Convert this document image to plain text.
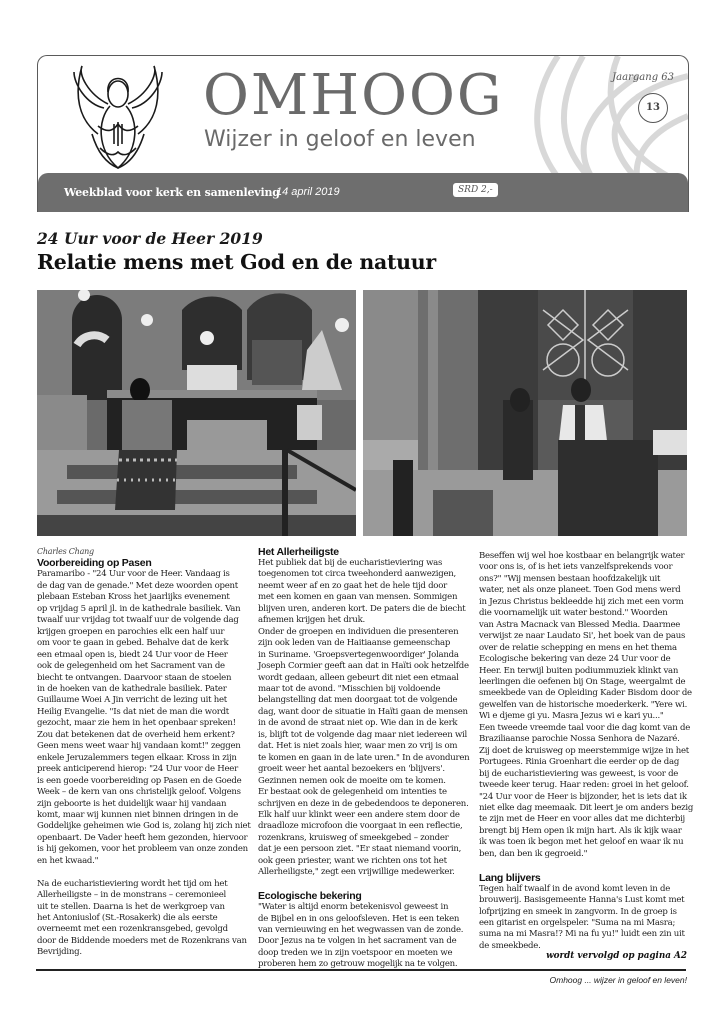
OMHOOG
Wijzer in geloof en leven
Jaargang 63
13
Weekblad voor kerk en samenleving
14 april 2019	SRD 2,-
24 Uur voor de Heer 2019
Relatie mens met God en de natuur

Charles Chang

Voorbereiding op Pasen

Paramaribo - "24 Uur voor de Heer. Vandaag is

de dag van de genade." Met deze woorden opent

plebaan Esteban Kross het jaarlijks evenement

op vrijdag 5 april jl. in de kathedrale basiliek. Van

twaalf uur vrijdag tot twaalf uur de volgende dag

krijgen groepen en parochies elk een half uur

om voor te gaan in gebed. Behalve dat de kerk

een etmaal open is, biedt 24 Uur voor de Heer

ook de gelegenheid om het Sacrament van de

biecht te ontvangen. Daarvoor staan de stoelen

in de hoeken van de kathedrale basiliek. Pater

Guillaume Woei A Jin verricht de lezing uit het

Heilig Evangelie. "Is dat niet de man die wordt

gezocht, maar zie hem in het openbaar spreken!

Zou dat betekenen dat de overheid hem erkent?

Geen mens weet waar hij vandaan komt!" zeggen

enkele Jeruzalemmers tegen elkaar. Kross in zijn

preek anticiperend hierop: "24 Uur voor de Heer

is een goede voorbereiding op Pasen en de Goede

Week – de kern van ons christelijk geloof. Volgens

zijn geboorte is het duidelijk waar hij vandaan

komt, maar wij kunnen niet binnen dringen in de

Goddelijke geheimen wie God is, zolang hij zich niet

openbaart. De Vader heeft hem gezonden, hiervoor

is hij gekomen, voor het probleem van onze zonden

en het kwaad."

Na de eucharistieviering wordt het tijd om het

Allerheiligste – in de monstrans – ceremonieel

uit te stellen. Daarna is het de werkgroep van

het Antoniuslof (St.-Rosakerk) die als eerste

overneemt met een rozenkransgebed, gevolgd

door de Biddende moeders met de Rozenkrans van

Bevrijding.

Het Allerheiligste

Het publiek dat bij de eucharistieviering was

toegenomen tot circa tweehonderd aanwezigen,

neemt weer af en zo gaat het de hele tijd door

met een komen en gaan van mensen. Sommigen

blijven uren, anderen kort. De paters die de biecht

afnemen krijgen het druk.

Onder de groepen en individuen die presenteren

zijn ook leden van de Haitiaanse gemeenschap

in Suriname. 'Groepsvertegenwoordiger' Jolanda

Joseph Cormier geeft aan dat in Haïti ook hetzelfde

wordt gedaan, alleen gebeurt dit niet een etmaal

maar tot de avond. "Misschien bij voldoende

belangstelling dat men doorgaat tot de volgende

dag, want door de situatie in Haïti gaan de mensen

in de avond de straat niet op. Wie dan in de kerk

is, blijft tot de volgende dag maar niet iedereen wil

dat. Het is niet zoals hier, waar men zo vrij is om

te komen en gaan in de late uren." In de avonduren

groeit weer het aantal bezoekers en 'blijvers'.

Gezinnen nemen ook de moeite om te komen.

Er bestaat ook de gelegenheid om intenties te

schrijven en deze in de gebedendoos te deponeren.

Elk half uur klinkt weer een andere stem door de

draadloze microfoon die voorgaat in een reflectie,

rozenkrans, kruisweg of smeekgebed – zonder

dat je een persoon ziet. "Er staat niemand voorin,

ook geen priester, want we richten ons tot het

Allerheiligste," zegt een vrijwillige medewerker.

Ecologische bekering

"Water is altijd enorm betekenisvol geweest in

de Bijbel en in ons geloofsleven. Het is een teken

van vernieuwing en het wegwassen van de zonde.

Door Jezus na te volgen in het sacrament van de

doop treden we in zijn voetspoor en moeten we

proberen hem zo getrouw mogelijk na te volgen.

Beseffen wij wel hoe kostbaar en belangrijk water

voor ons is, of is het iets vanzelfsprekends voor

ons?" "Wij mensen bestaan hoofdzakelijk uit

water, net als onze planeet. Toen God mens werd

in Jezus Christus bekleedde hij zich met een vorm

die voornamelijk uit water bestond." Woorden

van Astra Macnack van Blessed Media. Daarmee

verwijst ze naar Laudato Si', het boek van de paus

over de relatie schepping en mens en het thema

Ecologische bekering van deze 24 Uur voor de

Heer. En terwijl buiten podiummuziek klinkt van

leerlingen die oefenen bij On Stage, weergalmt de

smeekbede van de Opleiding Kader Bisdom door de

gewelfen van de historische moederkerk. "Yere wi.

Wi e djeme gi yu. Masra Jezus wi e kari yu..."

Een tweede vreemde taal voor die dag komt van de

Braziliaanse parochie Nossa Senhora de Nazaré.

Zij doet de kruisweg op meerstemmige wijze in het

Portugees. Rinia Groenhart die eerder op de dag

bij de eucharistieviering was geweest, is voor de

tweede keer terug. Haar reden: groei in het geloof.

"24 Uur voor de Heer is bijzonder, het is iets dat ik

niet elke dag meemaak. Dit leert je om anders bezig

te zijn met de Heer en voor alles dat me dichterbij

brengt bij Hem open ik mijn hart. Als ik kijk waar

ik was toen ik begon met het geloof en waar ik nu

ben, dan ben ik gegroeid."

Lang blijvers

Tegen half twaalf in de avond komt leven in de

brouwerij. Basisgemeente Hanna's Lust komt met

lofprijzing en smeek in zangvorm. In de groep is

een gitarist en orgelspeler. "Suma na mi Masra;

suma na mi Masra!? Mi na fu yu!" luidt een zin uit

de smeekbede.

wordt vervolgd op pagina A2
Omhoog ... wijzer in geloof en leven!
